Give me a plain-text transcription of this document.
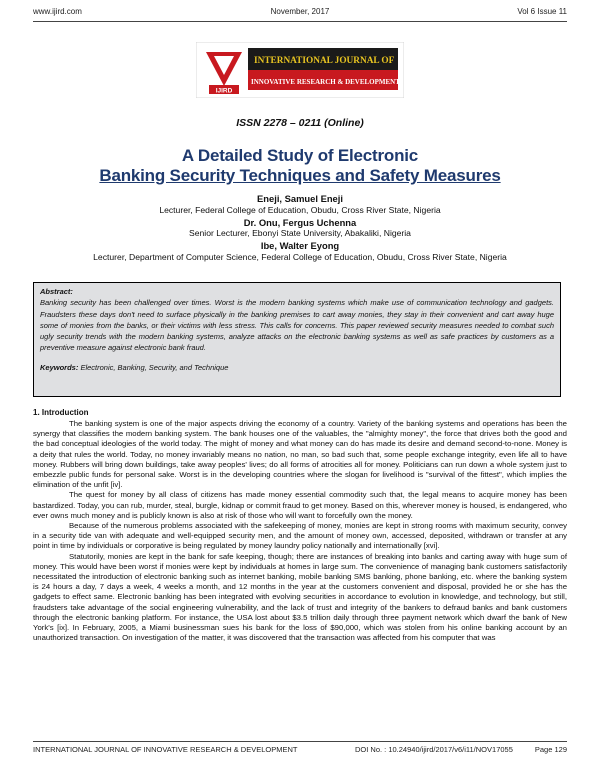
www.ijird.com	November, 2017	Vol 6 Issue 11
IJIRD
INTERNATIONAL JOURNAL OF
INNOVATIVE RESEARCH & DEVELOPMENT
ISSN 2278 – 0211 (Online)
A Detailed Study of Electronic
Banking Security Techniques and Safety Measures
Eneji, Samuel Eneji
Lecturer, Federal College of Education, Obudu, Cross River State, Nigeria
Dr. Onu, Fergus Uchenna
Senior Lecturer, Ebonyi State University, Abakaliki, Nigeria
Ibe, Walter Eyong
Lecturer, Department of Computer Science, Federal College of Education, Obudu, Cross River State, Nigeria
Abstract:
Banking security has been challenged over times. Worst is the modern banking systems which make use of communication technology and gadgets. Fraudsters these days don't need to surface physically in the banking premises to cart away monies, they stay in their convenient and cart away huge some of monies from the banks, or their victims with less stress. This calls for concerns. This paper reviewed security measures needed to combat such ugly security trends with the modern banking systems, analyze attacks on the electronic banking systems as well as safe practices by customers as a preventive measure against electronic bank fraud.
Keywords: Electronic, Banking, Security, and Technique
1. Introduction

The banking system is one of the major aspects driving the economy of a country. Variety of the banking systems and operations has been the synergy that classifies the modern banking system. The bank houses one of the valuables, the "almighty money", the force that drives both the good and the bad conceptual ideologies of the world today. The might of money and what money can do has made its desire and demand second-to-none. Money is a deity that rules the world. Today, no money invariably means no nation, no man, so bad such that, some people exchange integrity, even life all to have money. Rubbers will bring down buildings, take away peoples' lives; do all forms of atrocities all for money. Politicians can run down a whole system just to embezzle public funds for personal sake. Worst is in the developing countries where the slogan for livelihood is "survival of the fittest", which implies the elimination of the unfit [iv].

The quest for money by all class of citizens has made money essential commodity such that, the legal means to acquire money has been bastardized. Today, you can rub, murder, steal, burgle, kidnap or commit fraud to get money. Based on this, wherever money is housed, is endangered, who ever owns much money and is publicly known is also at risk of those who will want to forcefully own the money.

Because of the numerous problems associated with the safekeeping of money, monies are kept in strong rooms with maximum security, convey in a security tide van with adequate and well-equipped security men, and the amount of money own, accessed, deposited, withdrawn or transfer at any point in time by individuals or corporative is being regulated by money laundry policy nationally and internationally [xvi].

Statutorily, monies are kept in the bank for safe keeping, though; there are instances of breaking into banks and carting away with huge sum of money. This would have been worst if monies were kept by individuals at homes in large sum. The convenience of managing bank customers satisfactorily necessitated the introduction of electronic banking such as internet banking, mobile banking SMS banking, phone banking, etc. where the banking system is 24 hours a day, 7 days a week, 4 weeks a month, and 12 months in the year at the customers convenient and disposal, provided he or she has the gadgets to effect same. Electronic banking has been integrated with evolving securities in accordance to evolution in knowledge, and technology, but still, fraudsters take advantage of the social engineering vulnerability, and the lack of trust and integrity of the bankers to defraud banks and bank customers through the electronic banking platform. For instance, the USA lost about $3.5 trillion daily through three payment network which dwarf the bank of New York's [ix]. In February, 2005, a Miami businessman sues his bank for the loss of $90,000, which was stolen from his online banking account by an unauthorized transaction. On investigation of the matter, it was discovered that the transaction was affected from his computer that was

INTERNATIONAL JOURNAL OF INNOVATIVE RESEARCH & DEVELOPMENT	DOI No. : 10.24940/ijird/2017/v6/i11/NOV17055	Page 129
